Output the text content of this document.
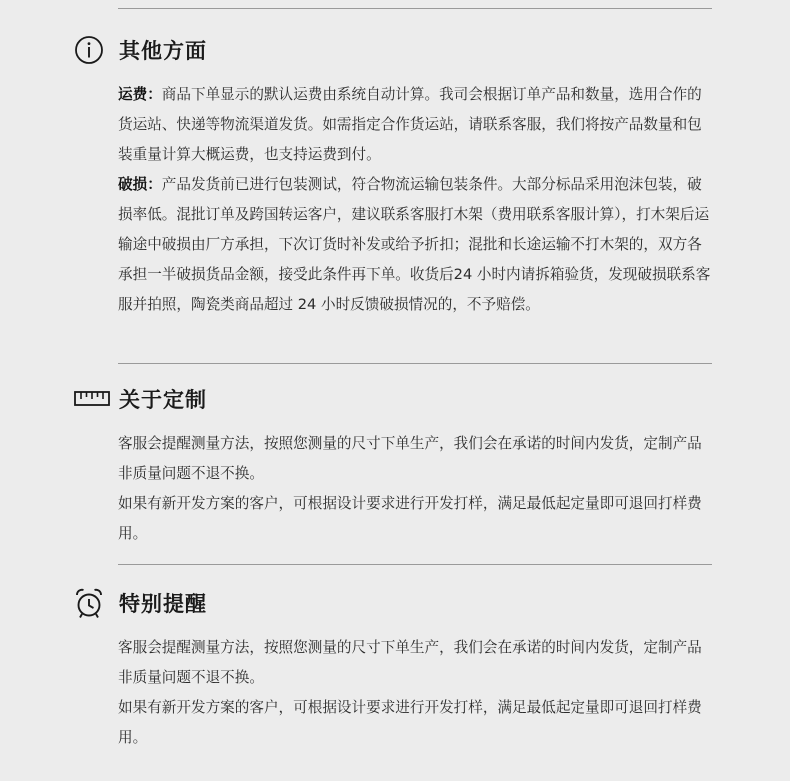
其他方面

运费：商品下单显示的默认运费由系统自动计算。我司会根据订单产品和数量，选用合作的货运站、快递等物流渠道发货。如需指定合作货运站，请联系客服，我们将按产品数量和包装重量计算大概运费，也支持运费到付。

破损：产品发货前已进行包装测试，符合物流运输包装条件。大部分标品采用泡沫包装，破损率低。混批订单及跨国转运客户，建议联系客服打木架（费用联系客服计算），打木架后运输途中破损由厂方承担，下次订货时补发或给予折扣；混批和长途运输不打木架的，双方各承担一半破损货品金额，接受此条件再下单。收货后24 小时内请拆箱验货，发现破损联系客服并拍照，陶瓷类商品超过 24 小时反馈破损情况的，不予赔偿。

关于定制

客服会提醒测量方法，按照您测量的尺寸下单生产，我们会在承诺的时间内发货，定制产品非质量问题不退不换。

如果有新开发方案的客户，可根据设计要求进行开发打样，满足最低起定量即可退回打样费用。

特别提醒

客服会提醒测量方法，按照您测量的尺寸下单生产，我们会在承诺的时间内发货，定制产品非质量问题不退不换。

如果有新开发方案的客户，可根据设计要求进行开发打样，满足最低起定量即可退回打样费用。
